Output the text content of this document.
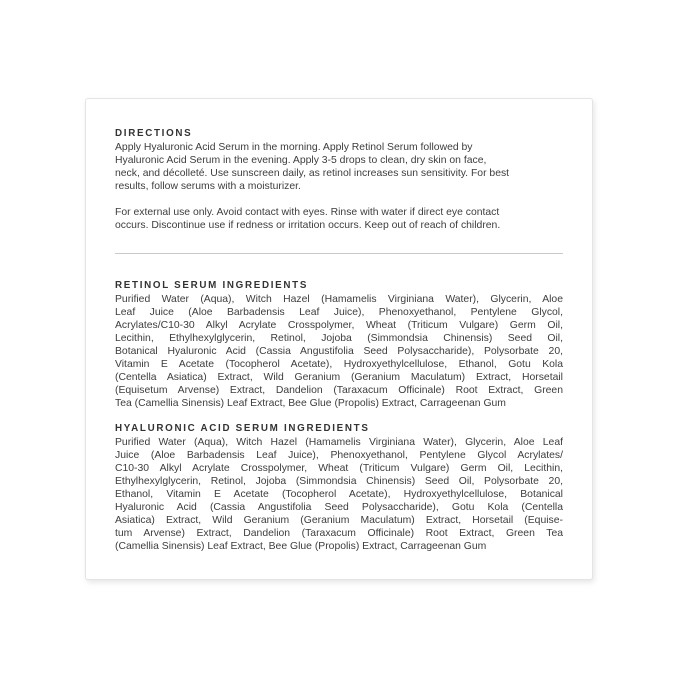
DIRECTIONS
Apply Hyaluronic Acid Serum in the morning. Apply Retinol Serum followed by
Hyaluronic Acid Serum in the evening. Apply 3-5 drops to clean, dry skin on face,
neck, and décolleté. Use sunscreen daily, as retinol increases sun sensitivity. For best
results, follow serums with a moisturizer.
For external use only. Avoid contact with eyes. Rinse with water if direct eye contact
occurs. Discontinue use if redness or irritation occurs. Keep out of reach of children.
RETINOL SERUM INGREDIENTS
Purified Water (Aqua), Witch Hazel (Hamamelis Virginiana Water), Glycerin, Aloe
Leaf Juice (Aloe Barbadensis Leaf Juice), Phenoxyethanol, Pentylene Glycol,
Acrylates/C10-30 Alkyl Acrylate Crosspolymer, Wheat (Triticum Vulgare) Germ Oil,
Lecithin, Ethylhexylglycerin, Retinol, Jojoba (Simmondsia Chinensis) Seed Oil,
Botanical Hyaluronic Acid (Cassia Angustifolia Seed Polysaccharide), Polysorbate 20,
Vitamin E Acetate (Tocopherol Acetate), Hydroxyethylcellulose, Ethanol, Gotu Kola
(Centella Asiatica) Extract, Wild Geranium (Geranium Maculatum) Extract, Horsetail
(Equisetum Arvense) Extract, Dandelion (Taraxacum Officinale) Root Extract, Green
Tea (Camellia Sinensis) Leaf Extract, Bee Glue (Propolis) Extract, Carrageenan Gum
HYALURONIC ACID SERUM INGREDIENTS
Purified Water (Aqua), Witch Hazel (Hamamelis Virginiana Water), Glycerin, Aloe Leaf
Juice (Aloe Barbadensis Leaf Juice), Phenoxyethanol, Pentylene Glycol Acrylates/
C10-30 Alkyl Acrylate Crosspolymer, Wheat (Triticum Vulgare) Germ Oil, Lecithin,
Ethylhexylglycerin, Retinol, Jojoba (Simmondsia Chinensis) Seed Oil, Polysorbate 20,
Ethanol, Vitamin E Acetate (Tocopherol Acetate), Hydroxyethylcellulose, Botanical
Hyaluronic Acid (Cassia Angustifolia Seed Polysaccharide), Gotu Kola (Centella
Asiatica) Extract, Wild Geranium (Geranium Maculatum) Extract, Horsetail (Equise-
tum Arvense) Extract, Dandelion (Taraxacum Officinale) Root Extract, Green Tea
(Camellia Sinensis) Leaf Extract, Bee Glue (Propolis) Extract, Carrageenan Gum
